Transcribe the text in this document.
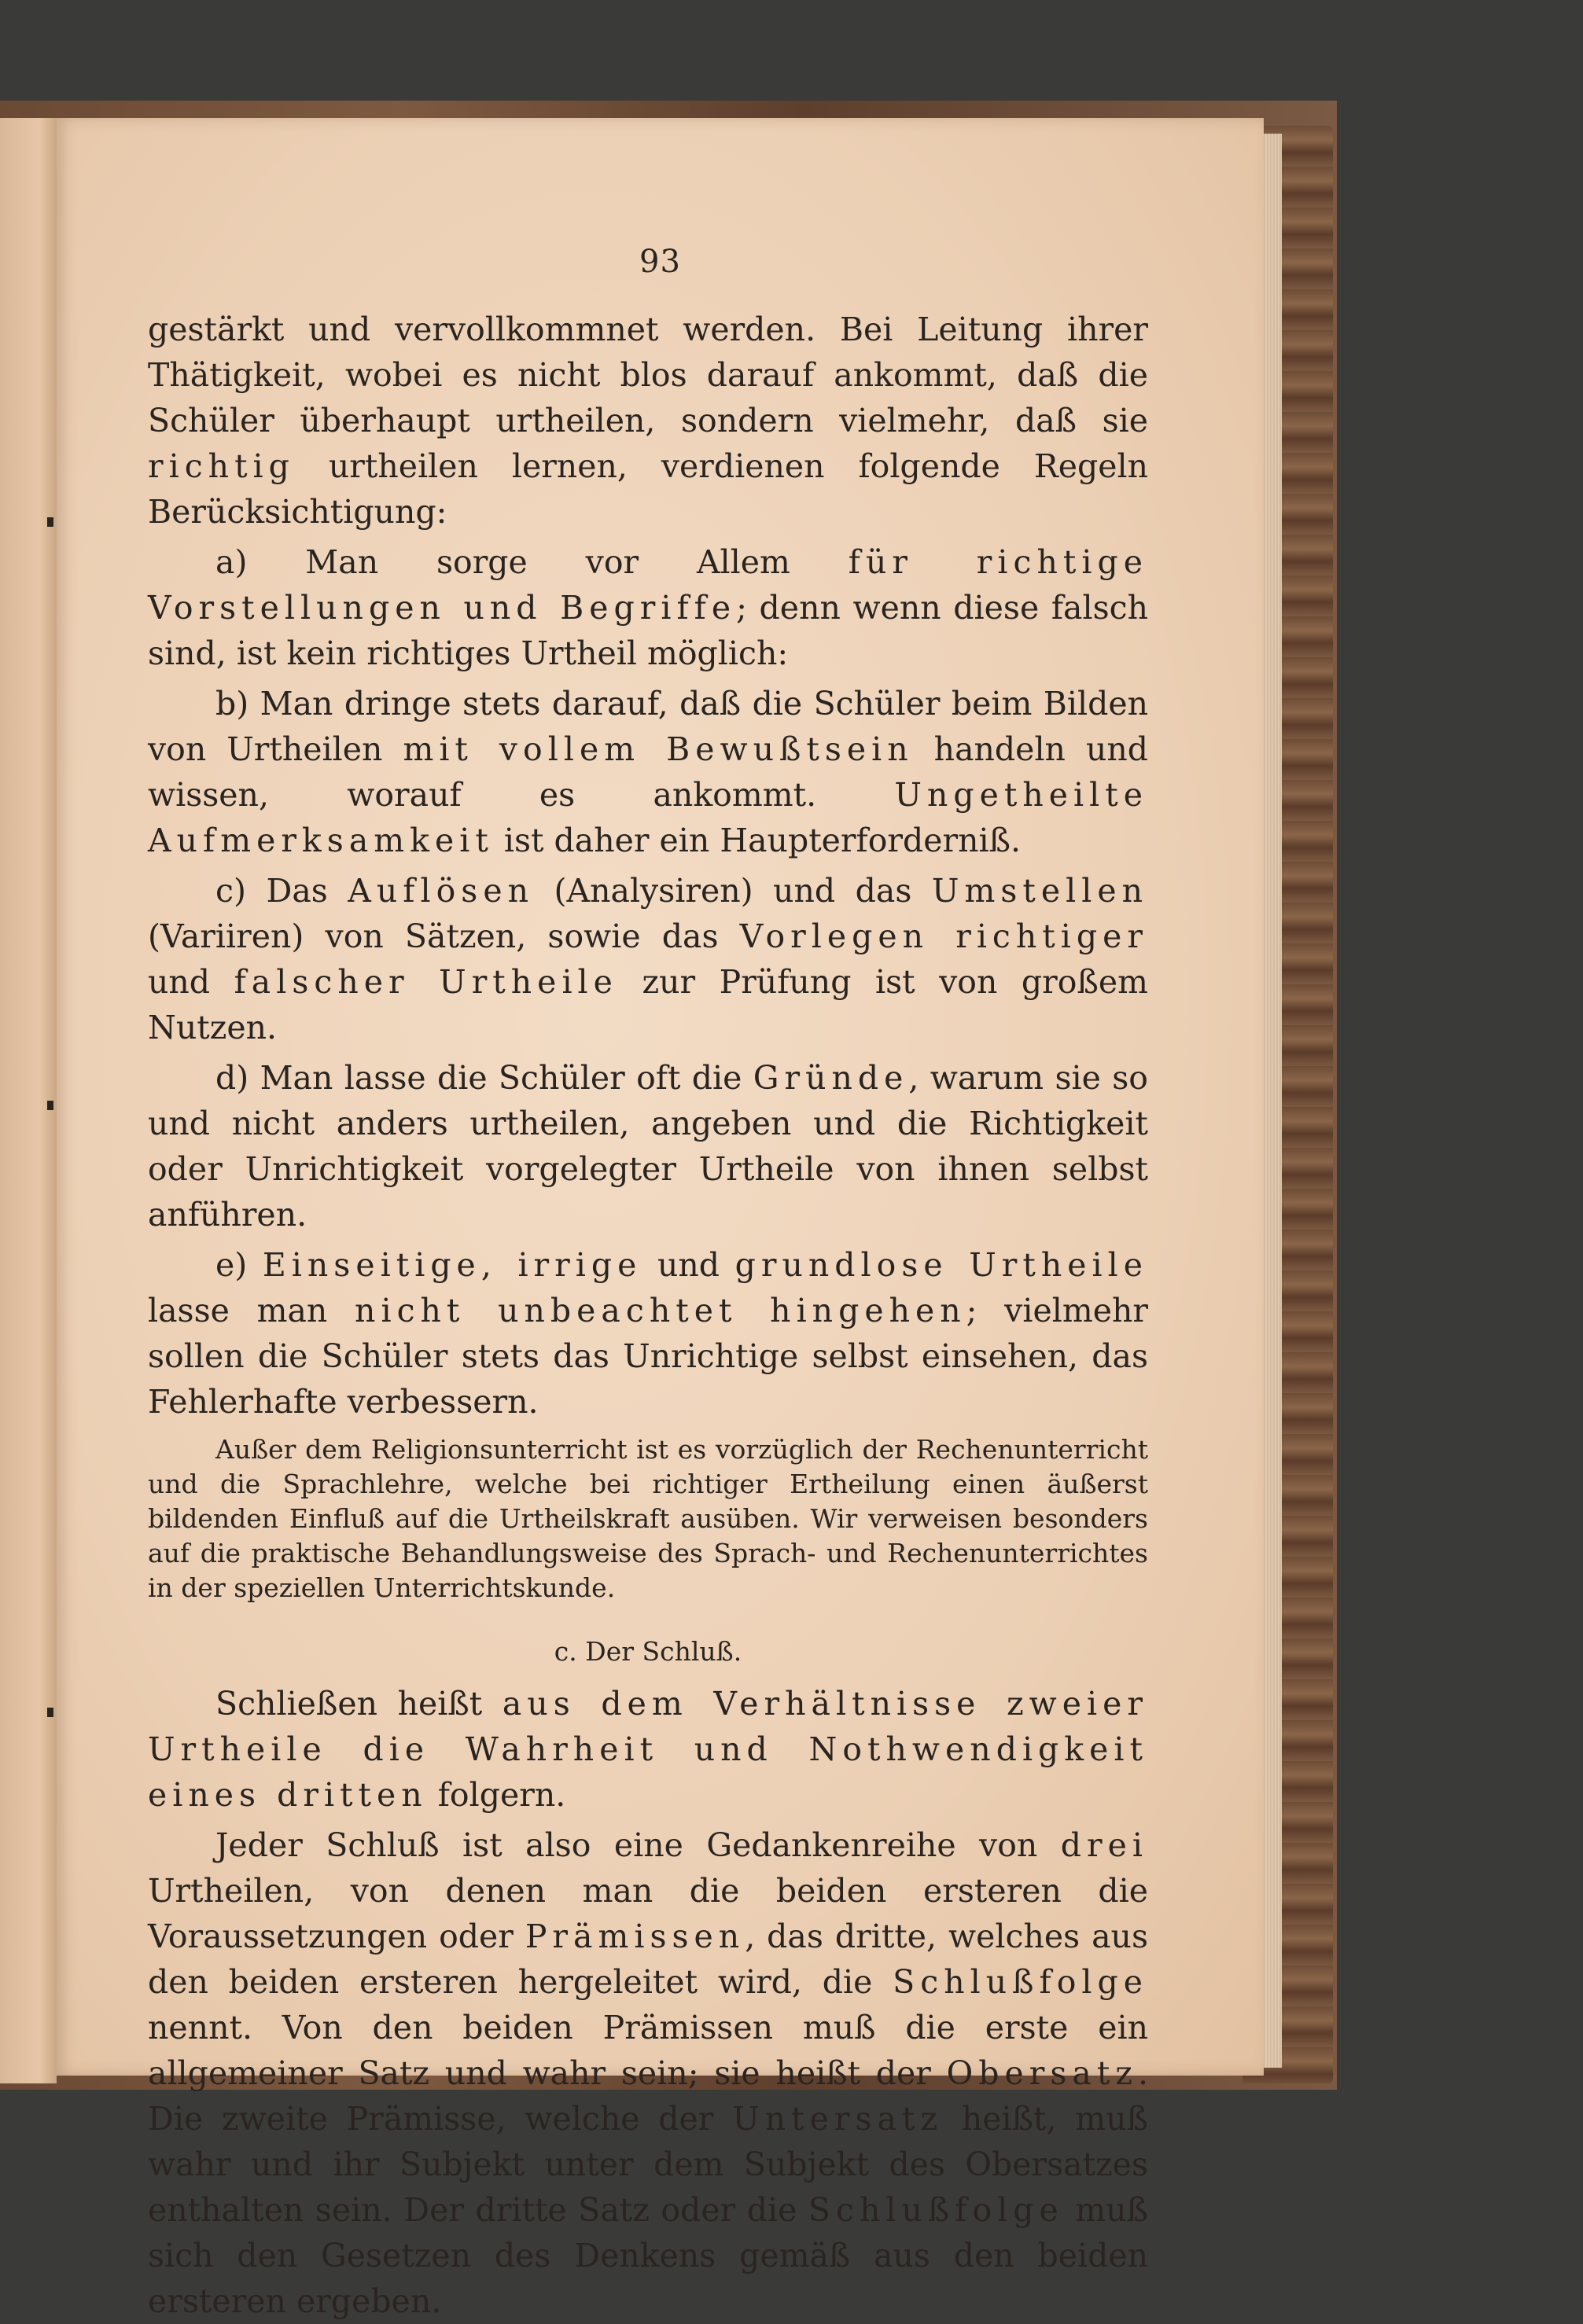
93

gestärkt und vervollkommnet werden. Bei Leitung ihrer Thätigkeit, wobei es nicht blos darauf ankommt, daß die Schüler überhaupt urtheilen, sondern vielmehr, daß sie richtig urtheilen lernen, verdienen folgende Regeln Berücksichtigung:

a) Man sorge vor Allem für richtige Vorstellungen und Begriffe; denn wenn diese falsch sind, ist kein richtiges Urtheil möglich:

b) Man dringe stets darauf, daß die Schüler beim Bilden von Urtheilen mit vollem Bewußtsein handeln und wissen, worauf es ankommt. Ungetheilte Aufmerksamkeit ist daher ein Haupterforderniß.

c) Das Auflösen (Analysiren) und das Umstellen (Variiren) von Sätzen, sowie das Vorlegen richtiger und falscher Urtheile zur Prüfung ist von großem Nutzen.

d) Man lasse die Schüler oft die Gründe, warum sie so und nicht anders urtheilen, angeben und die Richtigkeit oder Unrichtigkeit vorgelegter Urtheile von ihnen selbst anführen.

e) Einseitige, irrige und grundlose Urtheile lasse man nicht unbeachtet hingehen; vielmehr sollen die Schüler stets das Unrichtige selbst einsehen, das Fehlerhafte verbessern.

Außer dem Religionsunterricht ist es vorzüglich der Rechenunterricht und die Sprachlehre, welche bei richtiger Ertheilung einen äußerst bildenden Einfluß auf die Urtheilskraft ausüben. Wir verweisen besonders auf die praktische Behandlungsweise des Sprach- und Rechenunterrichtes in der speziellen Unterrichtskunde.

c. Der Schluß.

Schließen heißt aus dem Verhältnisse zweier Urtheile die Wahrheit und Nothwendigkeit eines dritten folgern.

Jeder Schluß ist also eine Gedankenreihe von drei Urtheilen, von denen man die beiden ersteren die Voraussetzungen oder Prämissen, das dritte, welches aus den beiden ersteren hergeleitet wird, die Schlußfolge nennt. Von den beiden Prämissen muß die erste ein allgemeiner Satz und wahr sein; sie heißt der Obersatz. Die zweite Prämisse, welche der Untersatz heißt, muß wahr und ihr Subjekt unter dem Subjekt des Obersatzes enthalten sein. Der dritte Satz oder die Schlußfolge muß sich den Gesetzen des Denkens gemäß aus den beiden ersteren ergeben.
